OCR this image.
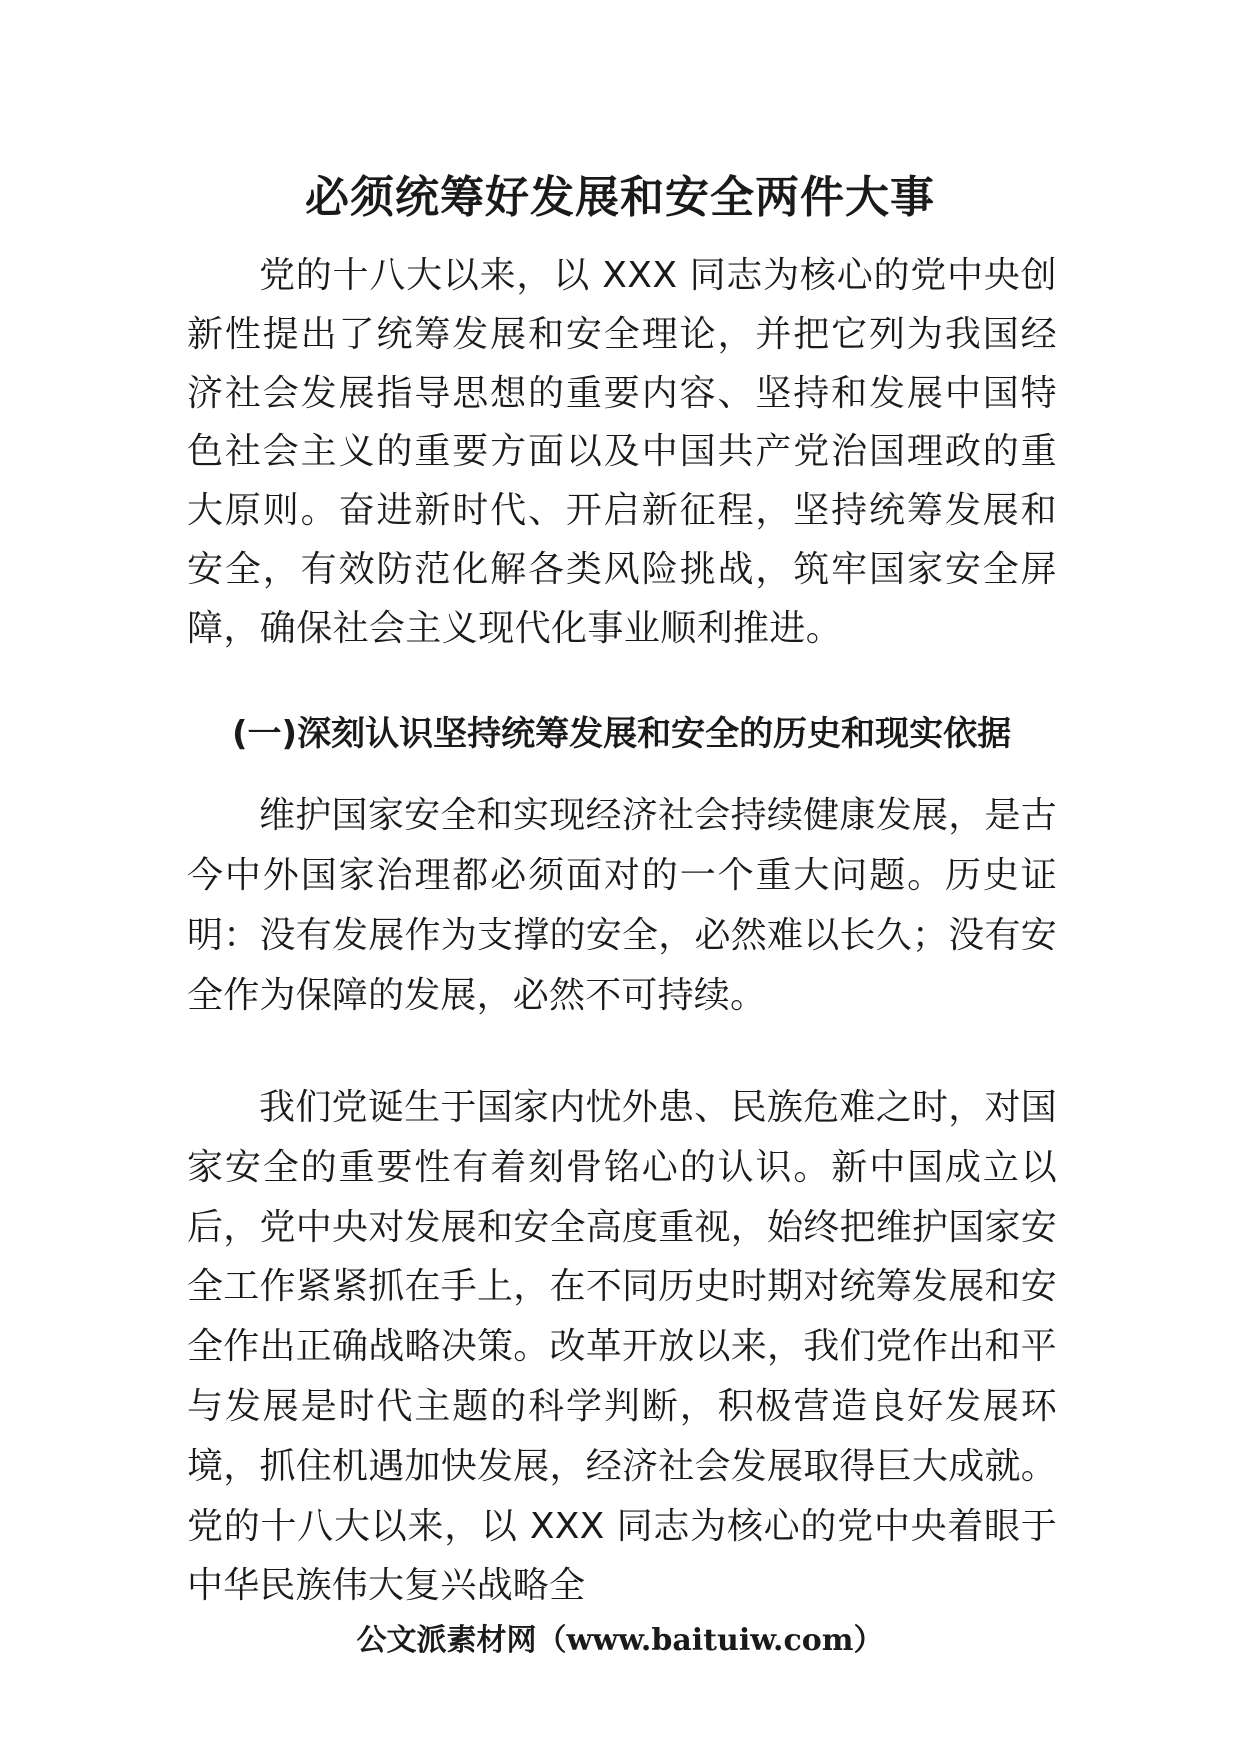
必须统筹好发展和安全两件大事

党的十八大以来，以 XXX 同志为核心的党中央创新性提出了统筹发展和安全理论，并把它列为我国经济社会发展指导思想的重要内容、坚持和发展中国特色社会主义的重要方面以及中国共产党治国理政的重大原则。奋进新时代、开启新征程，坚持统筹发展和安全，有效防范化解各类风险挑战，筑牢国家安全屏障，确保社会主义现代化事业顺利推进。

(一)深刻认识坚持统筹发展和安全的历史和现实依据

维护国家安全和实现经济社会持续健康发展，是古今中外国家治理都必须面对的一个重大问题。历史证明：没有发展作为支撑的安全，必然难以长久；没有安全作为保障的发展，必然不可持续。

我们党诞生于国家内忧外患、民族危难之时，对国家安全的重要性有着刻骨铭心的认识。新中国成立以后，党中央对发展和安全高度重视，始终把维护国家安全工作紧紧抓在手上，在不同历史时期对统筹发展和安全作出正确战略决策。改革开放以来，我们党作出和平与发展是时代主题的科学判断，积极营造良好发展环境，抓住机遇加快发展，经济社会发展取得巨大成就。党的十八大以来，以 XXX 同志为核心的党中央着眼于中华民族伟大复兴战略全

公文派素材网（www.baituiw.com）
